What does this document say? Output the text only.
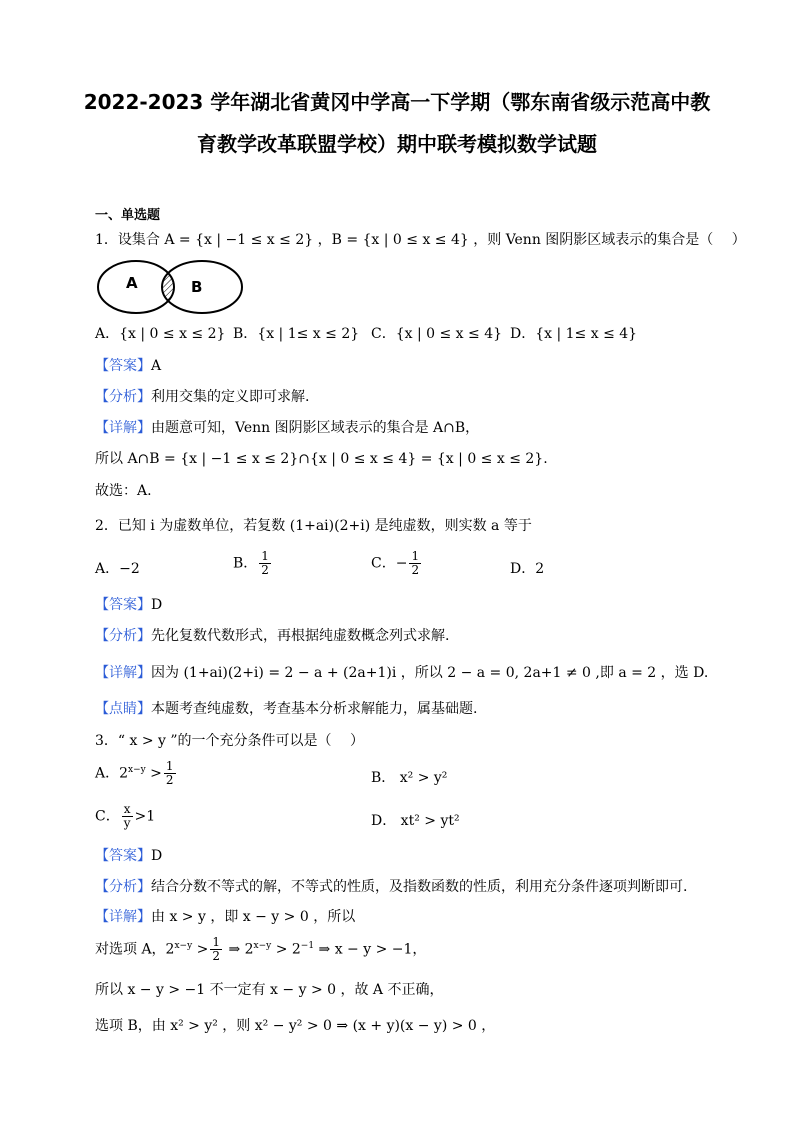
2022-2023 学年湖北省黄冈中学高一下学期（鄂东南省级示范高中教
育教学改革联盟学校）期中联考模拟数学试题
一、单选题
1．设集合 A = {x | −1 ≤ x ≤ 2} ，B = {x | 0 ≤ x ≤ 4} ，则 Venn 图阴影区域表示的集合是（　 ）
A	B
A．{x | 0 ≤ x ≤ 2} B．{x | 1≤ x ≤ 2} C．{x | 0 ≤ x ≤ 4} D．{x | 1≤ x ≤ 4}
【答案】A
【分析】利用交集的定义即可求解.
【详解】由题意可知，Venn 图阴影区域表示的集合是 A∩B，
所以 A∩B = {x | −1 ≤ x ≤ 2}∩{x | 0 ≤ x ≤ 4} = {x | 0 ≤ x ≤ 2}.
故选：A.
2．已知 i 为虚数单位，若复数 (1+ai)(2+i) 是纯虚数，则实数 a 等于
A．−2	B． $\frac{1}{2}$	C．− $\frac{1}{2}$	D．2
【答案】D
【分析】先化复数代数形式，再根据纯虚数概念列式求解.
【详解】因为 (1+ai)(2+i) = 2 − a + (2a+1)i ，所以 2 − a = 0, 2a+1 ≠ 0 ,即 a = 2 ，选 D.
【点睛】本题考查纯虚数，考查基本分析求解能力，属基础题.
3．“ x > y ”的一个充分条件可以是（　 ）
A．$2^{x-y} > \frac{1}{2}$	B． x² > y²
C． $\frac{x}{y} >1$	D． xt² > yt²
【答案】D
【分析】结合分数不等式的解，不等式的性质，及指数函数的性质，利用充分条件逐项判断即可.
【详解】由 x > y ，即 x − y > 0 ，所以
对选项 A，$2^{x-y} > \frac{1}{2}$ ⇒ $2^{x-y} > 2^{-1}$ ⇒ x − y > −1，
所以 x − y > −1 不一定有 x − y > 0 ，故 A 不正确，
选项 B，由 x² > y² ，则 x² − y² > 0 ⇒ (x + y)(x − y) > 0 ，
